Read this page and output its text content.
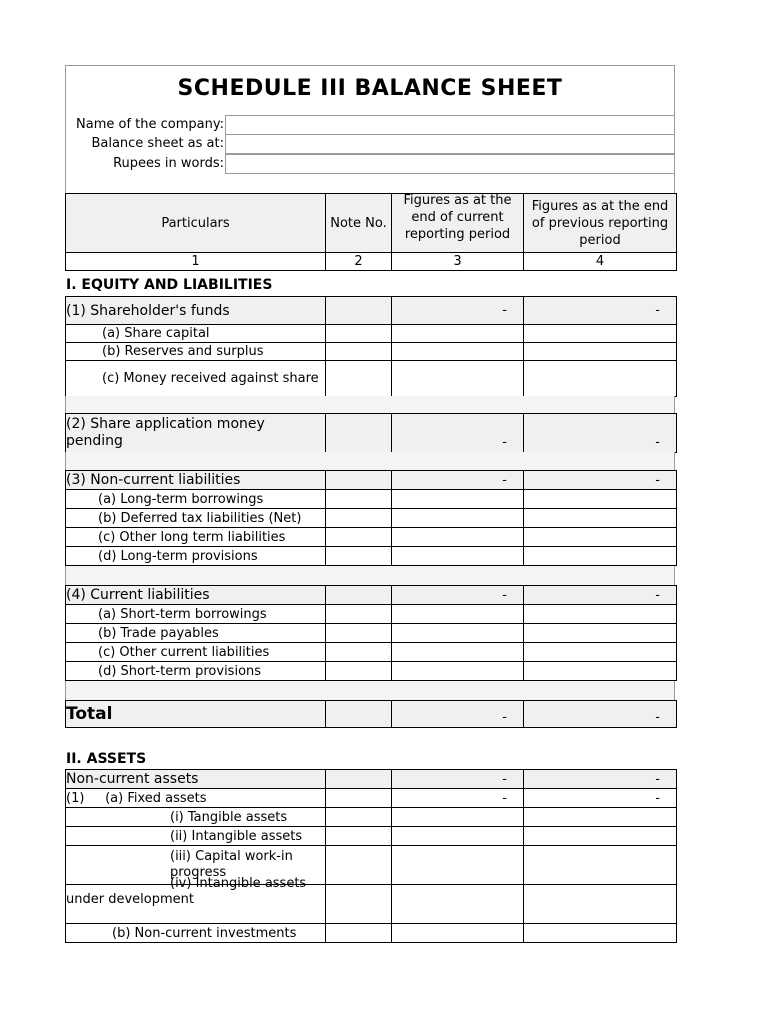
SCHEDULE III BALANCE SHEET
Name of the company:
Balance sheet as at:
Rupees in words:
Particulars	Note No.	Figures as at the end of current reporting period	Figures as at the end of previous reporting period
1	2	3	4
I. EQUITY AND LIABILITIES
(1) Shareholder's funds		-	-
(a) Share capital			
(b) Reserves and surplus			

(c) Money received against share			

(2) Share application money pending		-	-
(3) Non-current liabilities		-	-
(a) Long-term borrowings			
(b) Deferred tax liabilities (Net)			
(c) Other long term liabilities			
(d) Long-term provisions			
(4) Current liabilities		-	-
(a) Short-term borrowings			
(b) Trade payables			
(c) Other current liabilities			
(d) Short-term provisions			
Total		-	-
II. ASSETS
Non-current assets		-	-
(1)     (a) Fixed assets		-	-
(i) Tangible assets			
(ii) Intangible assets			

(iii) Capital work-in progress			

(iv) Intangible assets under development			

(b) Non-current investments			
